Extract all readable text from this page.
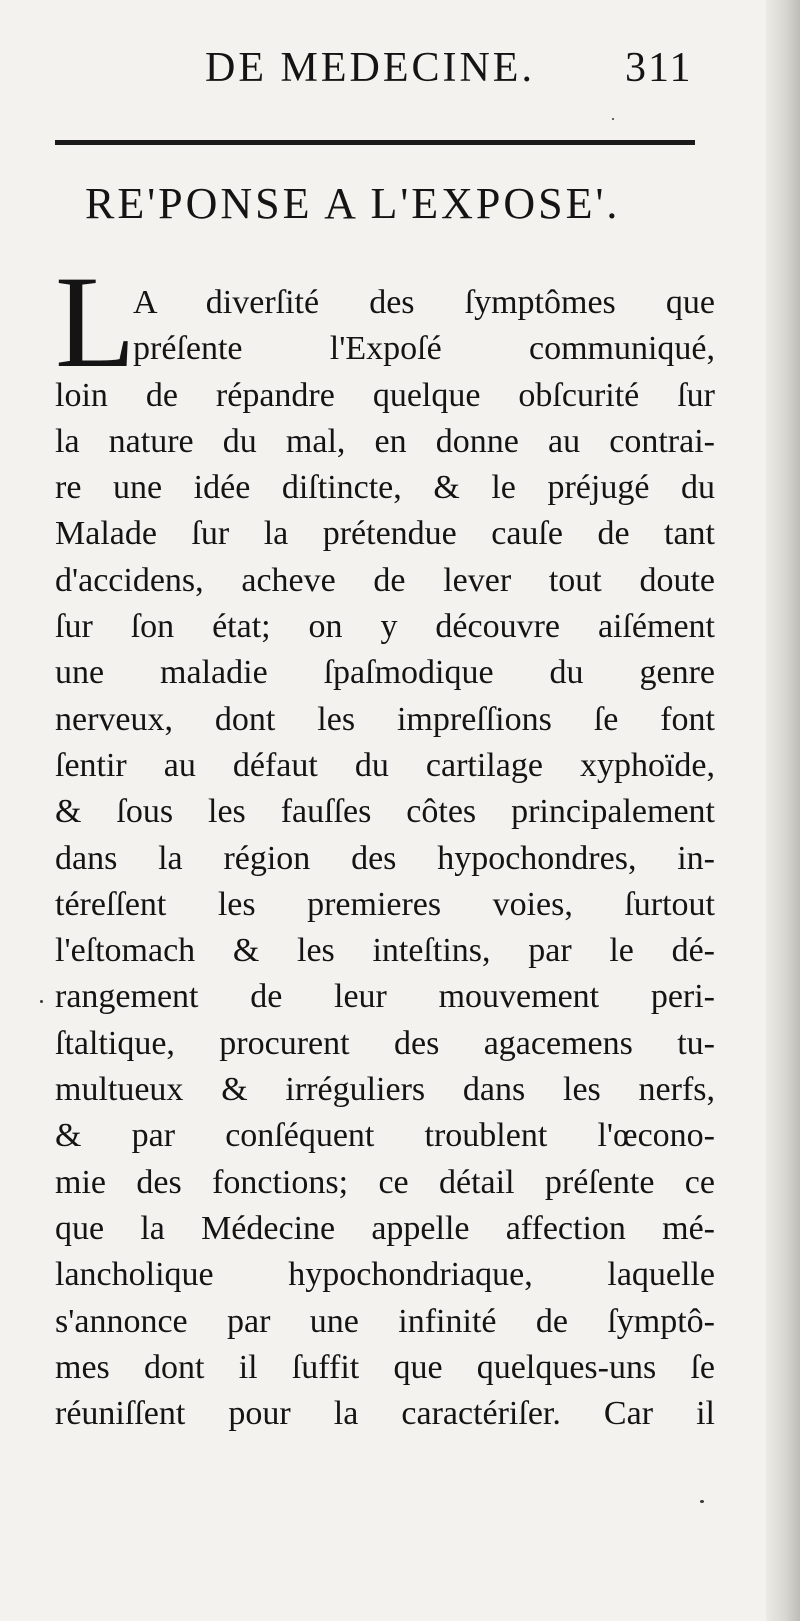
DE MEDECINE.	311
RE'PONSE A L'EXPOSE'.
L
A diverſité des ſymptômes que
préſente l'Expoſé communiqué,
loin de répandre quelque obſcurité ſur
la nature du mal, en donne au contrai-
re une idée diſtincte, & le préjugé du
Malade ſur la prétendue cauſe de tant
d'accidens, acheve de lever tout doute
ſur ſon état; on y découvre aiſément
une maladie ſpaſmodique du genre
nerveux, dont les impreſſions ſe font
ſentir au défaut du cartilage xyphoïde,
& ſous les fauſſes côtes principalement
dans la région des hypochondres, in-
téreſſent les premieres voies, ſurtout
l'eſtomach & les inteſtins, par le dé-
rangement de leur mouvement peri-
ſtaltique, procurent des agacemens tu-
multueux & irréguliers dans les nerfs,
& par conſéquent troublent l'œcono-
mie des fonctions; ce détail préſente ce
que la Médecine appelle affection mé-
lancholique hypochondriaque, laquelle
s'annonce par une infinité de ſymptô-
mes dont il ſuffit que quelques-uns ſe
réuniſſent pour la caractériſer. Car il
